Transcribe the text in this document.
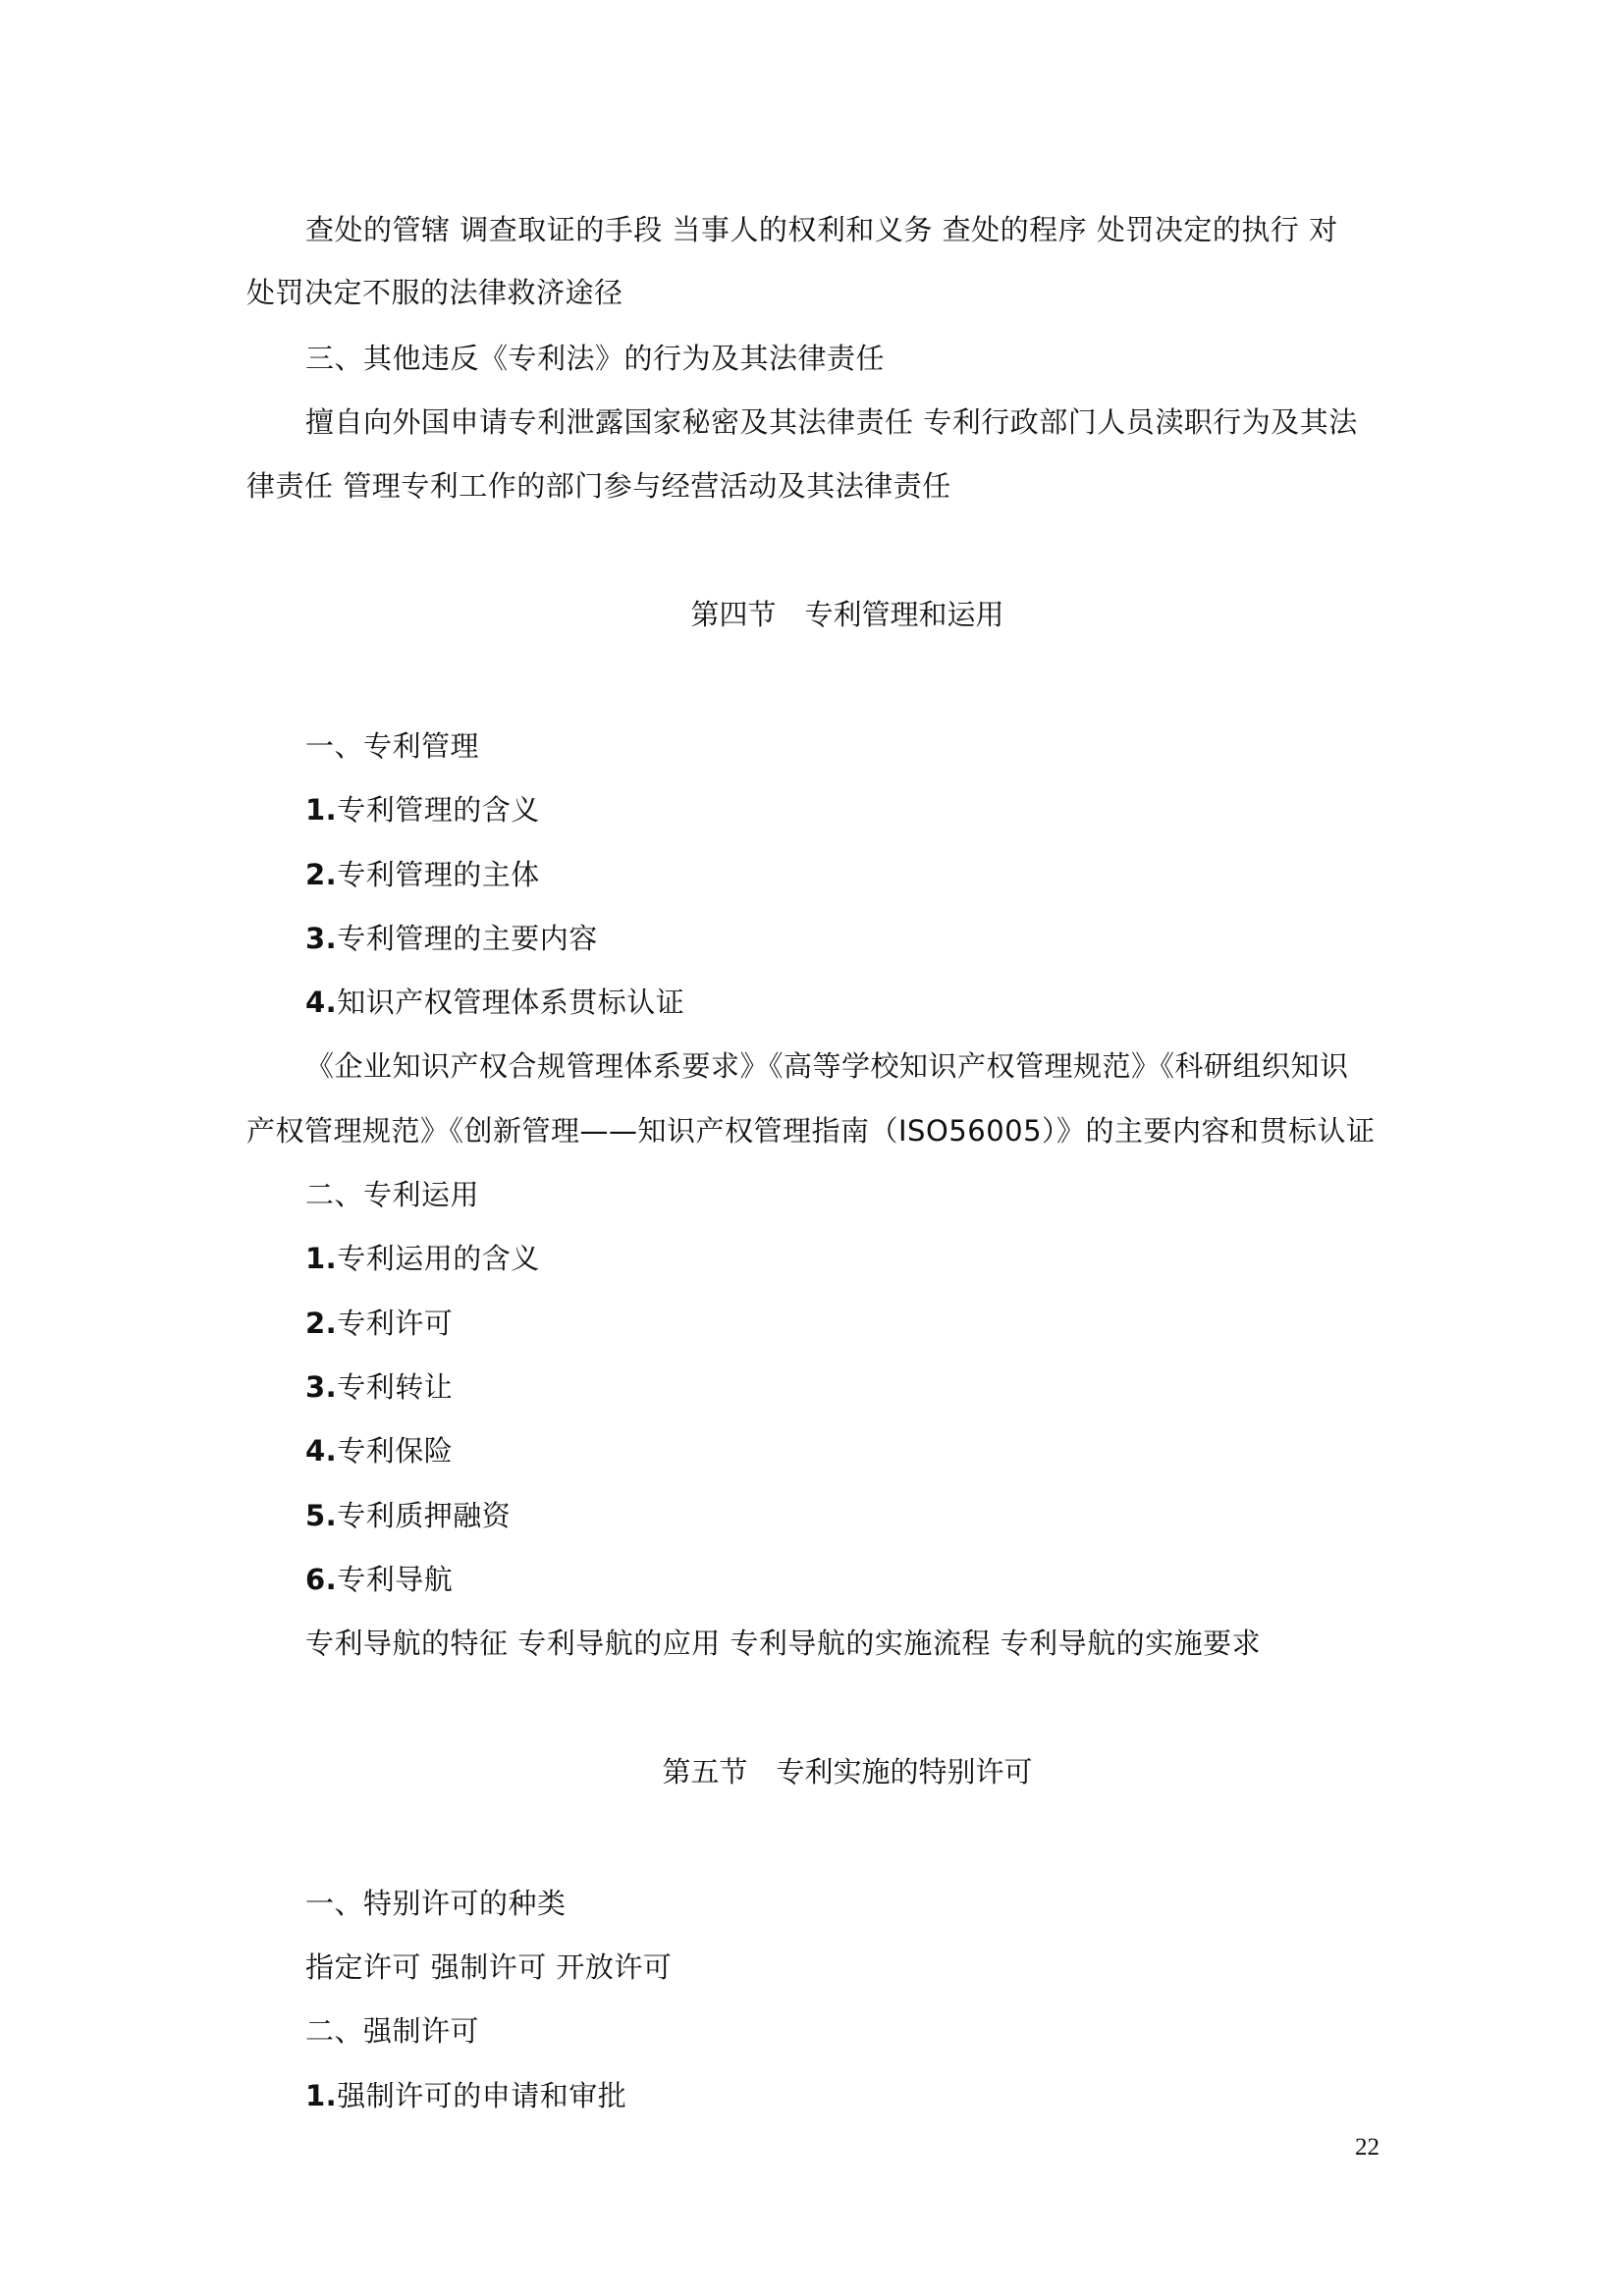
查处的管辖 调查取证的手段 当事人的权利和义务 查处的程序 处罚决定的执行 对
处罚决定不服的法律救济途径
三、其他违反《专利法》的行为及其法律责任
擅自向外国申请专利泄露国家秘密及其法律责任 专利行政部门人员渎职行为及其法
律责任 管理专利工作的部门参与经营活动及其法律责任
第四节　专利管理和运用
一、专利管理
1.专利管理的含义
2.专利管理的主体
3.专利管理的主要内容
4.知识产权管理体系贯标认证
《企业知识产权合规管理体系要求》《高等学校知识产权管理规范》《科研组织知识
产权管理规范》《创新管理——知识产权管理指南（ISO56005）》的主要内容和贯标认证
二、专利运用
1.专利运用的含义
2.专利许可
3.专利转让
4.专利保险
5.专利质押融资
6.专利导航
专利导航的特征 专利导航的应用 专利导航的实施流程 专利导航的实施要求
第五节　专利实施的特别许可
一、特别许可的种类
指定许可 强制许可 开放许可
二、强制许可
1.强制许可的申请和审批
22
